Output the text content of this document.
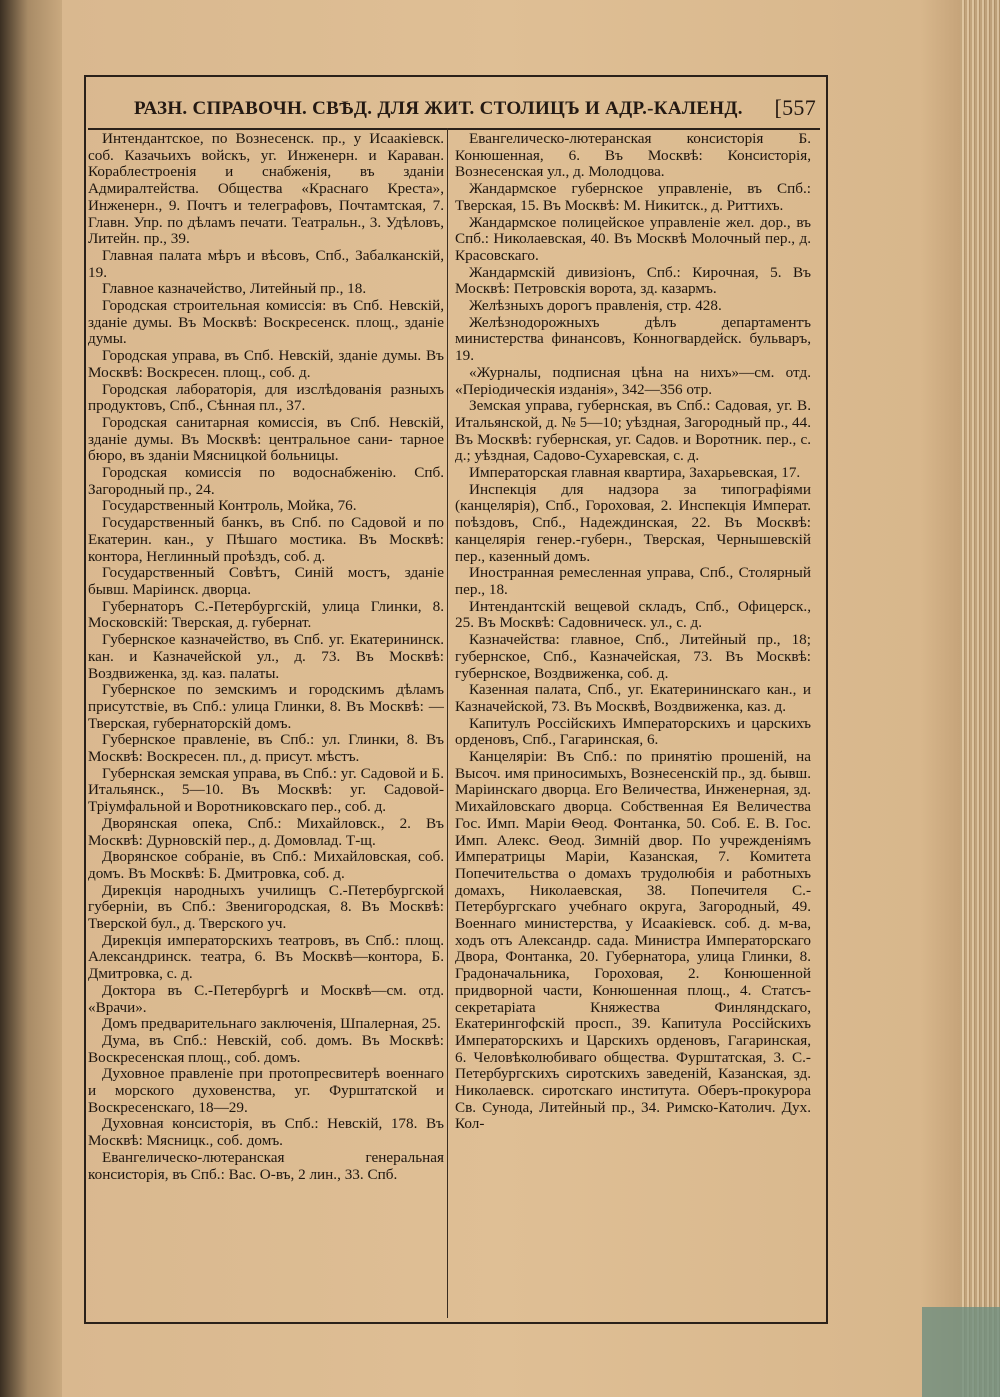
РАЗН. СПРАВОЧН. СВѢД. ДЛЯ ЖИТ. СТОЛИЦЪ И АДР.-КАЛЕНД. [557

Интендантское, по Вознесенск. пр., у Исаакіевск. соб. Казачьихъ войскъ, уг. Инженерн. и Караван. Кораблестроенія и снабженія, въ зданіи Адмиралтейства. Общества «Краснаго Креста», Инженерн., 9. Почтъ и телеграфовъ, Почтамтская, 7. Главн. Упр. по дѣламъ печати. Театральн., 3. Удѣловъ, Литейн. пр., 39.

Главная палата мѣръ и вѣсовъ, Спб., Забалканскій, 19.

Главное казначейство, Литейный пр., 18.

Городская строительная комиссія: въ Спб. Невскій, зданіе думы. Въ Москвѣ: Воскресенск. площ., зданіе думы.

Городская управа, въ Спб. Невскій, зданіе думы. Въ Москвѣ: Воскресен. площ., соб. д.

Городская лабораторія, для изслѣдованія разныхъ продуктовъ, Спб., Сѣнная пл., 37.

Городская санитарная комиссія, въ Спб. Невскій, зданіе думы. Въ Москвѣ: центральное сани- тарное бюро, въ зданіи Мясницкой больницы.

Городская комиссія по водоснабженію. Спб. Загородный пр., 24.

Государственный Контроль, Мойка, 76.

Государственный банкъ, въ Спб. по Садовой и по Екатерин. кан., у Пѣшаго мостика. Въ Москвѣ: контора, Неглинный проѣздъ, соб. д.

Государственный Совѣтъ, Синій мостъ, зданіе бывш. Маріинск. дворца.

Губернаторъ С.-Петербургскій, улица Глинки, 8. Московскій: Тверская, д. губернат.

Губернское казначейство, въ Спб. уг. Екатерининск. кан. и Казначейской ул., д. 73. Въ Москвѣ: Воздвиженка, зд. каз. палаты.

Губернское по земскимъ и городскимъ дѣламъ присутствіе, въ Спб.: улица Глинки, 8. Въ Москвѣ: — Тверская, губернаторскій домъ.

Губернское правленіе, въ Спб.: ул. Глинки, 8. Въ Москвѣ: Воскресен. пл., д. присут. мѣстъ.

Губернская земская управа, въ Спб.: уг. Садовой и Б. Итальянск., 5—10. Въ Москвѣ: уг. Садовой-Тріумфальной и Воротниковскаго пер., соб. д.

Дворянская опека, Спб.: Михайловск., 2. Въ Москвѣ: Дурновскій пер., д. Домовлад. Т-щ.

Дворянское собраніе, въ Спб.: Михайловская, соб. домъ. Въ Москвѣ: Б. Дмитровка, соб. д.

Дирекція народныхъ училищъ С.-Петербургской губерніи, въ Спб.: Звенигородская, 8. Въ Москвѣ: Тверской бул., д. Тверского уч.

Дирекція императорскихъ театровъ, въ Спб.: площ. Александринск. театра, 6. Въ Москвѣ—контора, Б. Дмитровка, с. д.

Доктора въ С.-Петербургѣ и Москвѣ—см. отд. «Врачи».

Домъ предварительнаго заключенія, Шпалерная, 25.

Дума, въ Спб.: Невскій, соб. домъ. Въ Москвѣ: Воскресенская площ., соб. домъ.

Духовное правленіе при протопресвитерѣ военнаго и морского духовенства, уг. Фурштатской и Воскресенскаго, 18—29.

Духовная консисторія, въ Спб.: Невскій, 178. Въ Москвѣ: Мясницк., соб. домъ.

Евангелическо-лютеранская генеральная консисторія, въ Спб.: Вас. О-въ, 2 лин., 33. Спб.

Евангелическо-лютеранская консисторія Б. Конюшенная, 6. Въ Москвѣ: Консисторія, Вознесенская ул., д. Молодцова.

Жандармское губернское управленіе, въ Спб.: Тверская, 15. Въ Москвѣ: М. Никитск., д. Риттихъ.

Жандармское полицейское управленіе жел. дор., въ Спб.: Николаевская, 40. Въ Москвѣ Молочный пер., д. Красовскаго.

Жандармскій дивизіонъ, Спб.: Кирочная, 5. Въ Москвѣ: Петровскія ворота, зд. казармъ.

Желѣзныхъ дорогъ правленія, стр. 428.

Желѣзнодорожныхъ дѣлъ департаментъ министерства финансовъ, Конногвардейск. бульваръ, 19.

«Журналы, подписная цѣна на нихъ»—см. отд. «Періодическія изданія», 342—356 отр.

Земская управа, губернская, въ Спб.: Садовая, уг. В. Итальянской, д. № 5—10; уѣздная, Загородный пр., 44. Въ Москвѣ: губернская, уг. Садов. и Воротник. пер., с. д.; уѣздная, Садово-Сухаревская, с. д.

Императорская главная квартира, Захарьевская, 17.

Инспекція для надзора за типографіями (канцелярія), Спб., Гороховая, 2. Инспекція Императ. поѣздовъ, Спб., Надеждинская, 22. Въ Москвѣ: канцелярія генер.-губерн., Тверская, Чернышевскій пер., казенный домъ.

Иностранная ремесленная управа, Спб., Столярный пер., 18.

Интендантскій вещевой складъ, Спб., Офицерск., 25. Въ Москвѣ: Садовническ. ул., с. д.

Казначейства: главное, Спб., Литейный пр., 18; губернское, Спб., Казначейская, 73. Въ Москвѣ: губернское, Воздвиженка, соб. д.

Казенная палата, Спб., уг. Екатерининскаго кан., и Казначейской, 73. Въ Москвѣ, Воздвиженка, каз. д.

Капитулъ Россійскихъ Императорскихъ и царскихъ орденовъ, Спб., Гагаринская, 6.

Канцеляріи: Въ Спб.: по принятію прошеній, на Высоч. имя приносимыхъ, Вознесенскій пр., зд. бывш. Маріинскаго дворца. Его Величества, Инженерная, зд. Михайловскаго дворца. Собственная Ея Величества Гос. Имп. Маріи Ѳеод. Фонтанка, 50. Соб. Е. В. Гос. Имп. Алекс. Ѳеод. Зимній двор. По учрежденіямъ Императрицы Маріи, Казанская, 7. Комитета Попечительства о домахъ трудолюбія и работныхъ домахъ, Николаевская, 38. Попечителя С.-Петербургскаго учебнаго округа, Загородный, 49. Военнаго министерства, у Исаакіевск. соб. д. м-ва, ходъ отъ Александр. сада. Министра Императорскаго Двора, Фонтанка, 20. Губернатора, улица Глинки, 8. Градоначальника, Гороховая, 2. Конюшенной придворной части, Конюшенная площ., 4. Статсъ-секретаріата Княжества Финляндскаго, Екатерингофскій просп., 39. Капитула Россійскихъ Императорскихъ и Царскихъ орденовъ, Гагаринская, 6. Человѣколюбиваго общества. Фурштатская, 3. С.-Петербургскихъ сиротскихъ заведеній, Казанская, зд. Николаевск. сиротскаго института. Оберъ-прокурора Св. Сунода, Литейный пр., 34. Римско-Католич. Дух. Кол-
